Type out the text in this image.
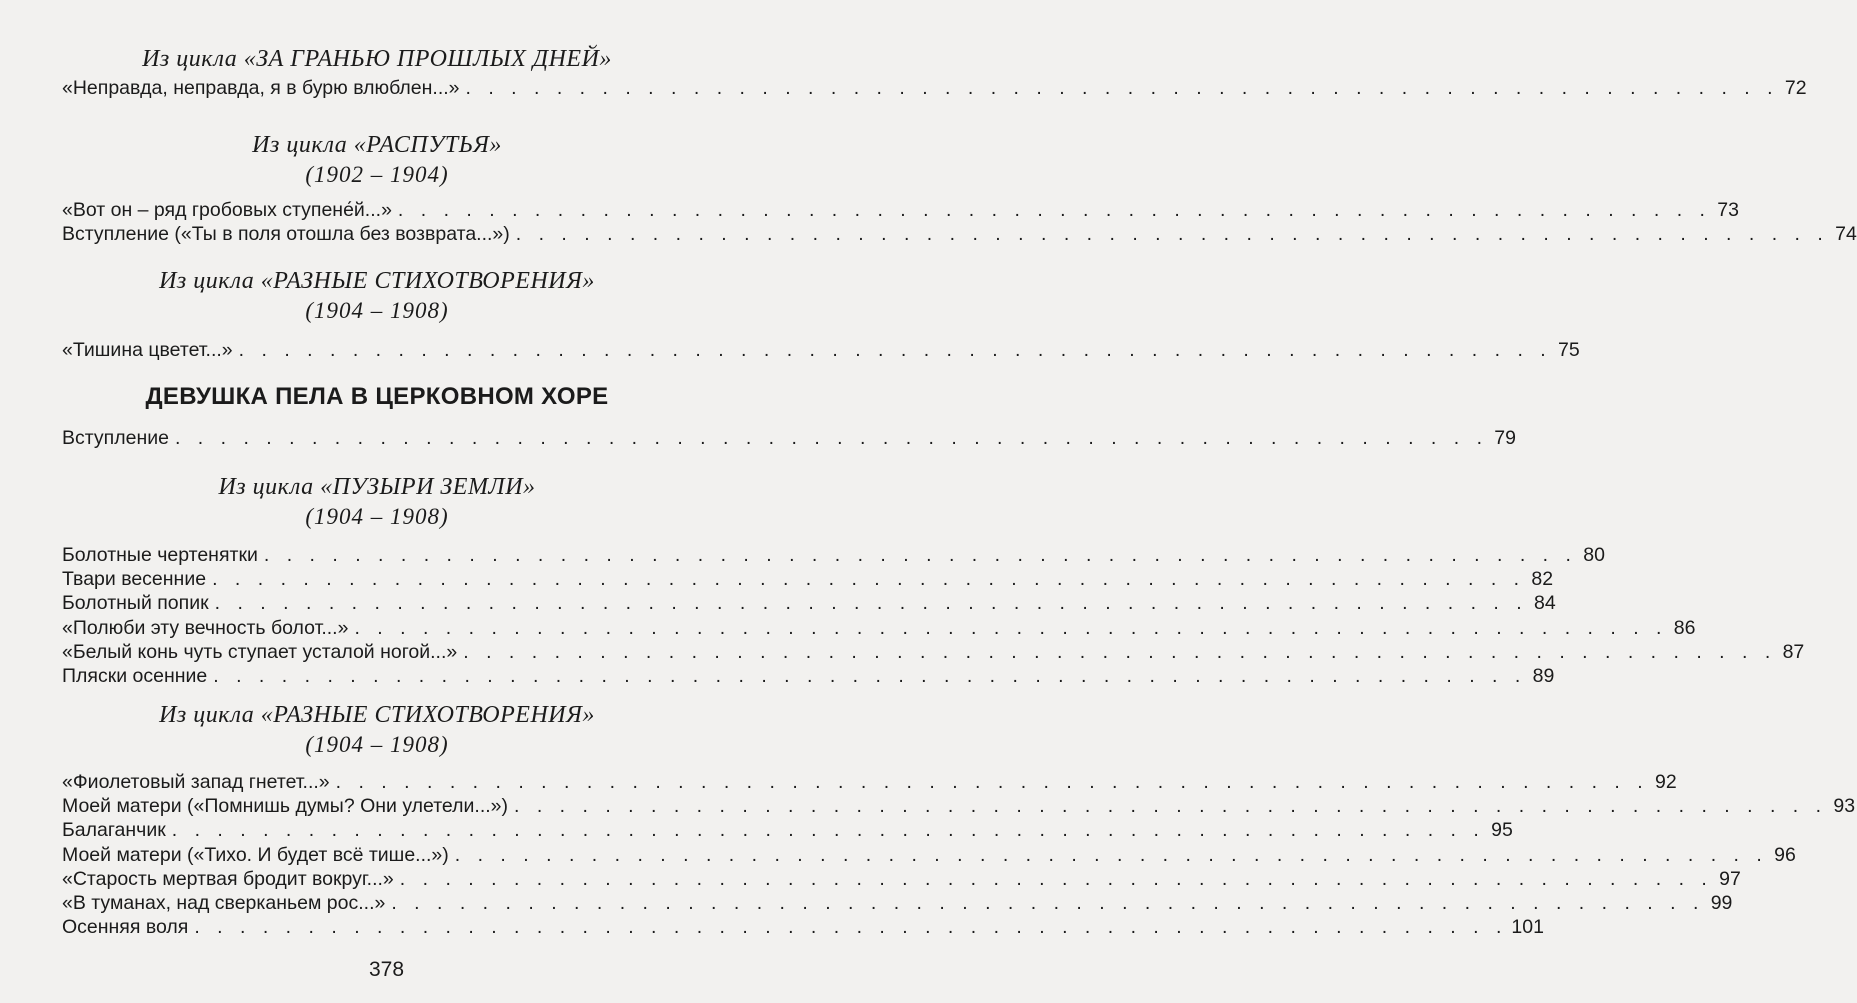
Из цикла «ЗА ГРАНЬЮ ПРОШЛЫХ ДНЕЙ»
«Неправда, неправда, я в бурю влюблен...» . . . . . . . . . . . . . . . . . . . . . . . . . . . . . . . . . . . . . . . . . . . . . . . . . . . . . . . . . . 72
Из цикла «РАСПУТЬЯ»
(1902 – 1904)
«Вот он – ряд гробовых ступене́й...» . . . . . . . . . . . . . . . . . . . . . . . . . . . . . . . . . . . . . . . . . . . . . . . . . . . . . . . . . . 73
Вступление («Ты в поля отошла без возврата...») . . . . . . . . . . . . . . . . . . . . . . . . . . . . . . . . . . . . . . . . . . . . . . . . . . . . . . . . . . 74
Из цикла «РАЗНЫЕ СТИХОТВОРЕНИЯ»
(1904 – 1908)
«Тишина цветет...» . . . . . . . . . . . . . . . . . . . . . . . . . . . . . . . . . . . . . . . . . . . . . . . . . . . . . . . . . . 75
ДЕВУШКА ПЕЛА В ЦЕРКОВНОМ ХОРЕ
Вступление . . . . . . . . . . . . . . . . . . . . . . . . . . . . . . . . . . . . . . . . . . . . . . . . . . . . . . . . . . 79
Из цикла «ПУЗЫРИ ЗЕМЛИ»
(1904 – 1908)
Болотные чертенятки . . . . . . . . . . . . . . . . . . . . . . . . . . . . . . . . . . . . . . . . . . . . . . . . . . . . . . . . . . 80
Твари весенние . . . . . . . . . . . . . . . . . . . . . . . . . . . . . . . . . . . . . . . . . . . . . . . . . . . . . . . . . . 82
Болотный попик . . . . . . . . . . . . . . . . . . . . . . . . . . . . . . . . . . . . . . . . . . . . . . . . . . . . . . . . . . 84
«Полюби эту вечность болот...» . . . . . . . . . . . . . . . . . . . . . . . . . . . . . . . . . . . . . . . . . . . . . . . . . . . . . . . . . . 86
«Белый конь чуть ступает усталой ногой...» . . . . . . . . . . . . . . . . . . . . . . . . . . . . . . . . . . . . . . . . . . . . . . . . . . . . . . . . . . 87
Пляски осенние . . . . . . . . . . . . . . . . . . . . . . . . . . . . . . . . . . . . . . . . . . . . . . . . . . . . . . . . . . 89
Из цикла «РАЗНЫЕ СТИХОТВОРЕНИЯ»
(1904 – 1908)
«Фиолетовый запад гнетет...» . . . . . . . . . . . . . . . . . . . . . . . . . . . . . . . . . . . . . . . . . . . . . . . . . . . . . . . . . . 92
Моей матери («Помнишь думы? Они улетели...») . . . . . . . . . . . . . . . . . . . . . . . . . . . . . . . . . . . . . . . . . . . . . . . . . . . . . . . . . . 93
Балаганчик . . . . . . . . . . . . . . . . . . . . . . . . . . . . . . . . . . . . . . . . . . . . . . . . . . . . . . . . . . 95
Моей матери («Тихо. И будет всё тише...») . . . . . . . . . . . . . . . . . . . . . . . . . . . . . . . . . . . . . . . . . . . . . . . . . . . . . . . . . . 96
«Старость мертвая бродит вокруг...» . . . . . . . . . . . . . . . . . . . . . . . . . . . . . . . . . . . . . . . . . . . . . . . . . . . . . . . . . . 97
«В туманах, над сверканьем рос...» . . . . . . . . . . . . . . . . . . . . . . . . . . . . . . . . . . . . . . . . . . . . . . . . . . . . . . . . . . 99
Осенняя воля . . . . . . . . . . . . . . . . . . . . . . . . . . . . . . . . . . . . . . . . . . . . . . . . . . . . . . . . . . 101
378
